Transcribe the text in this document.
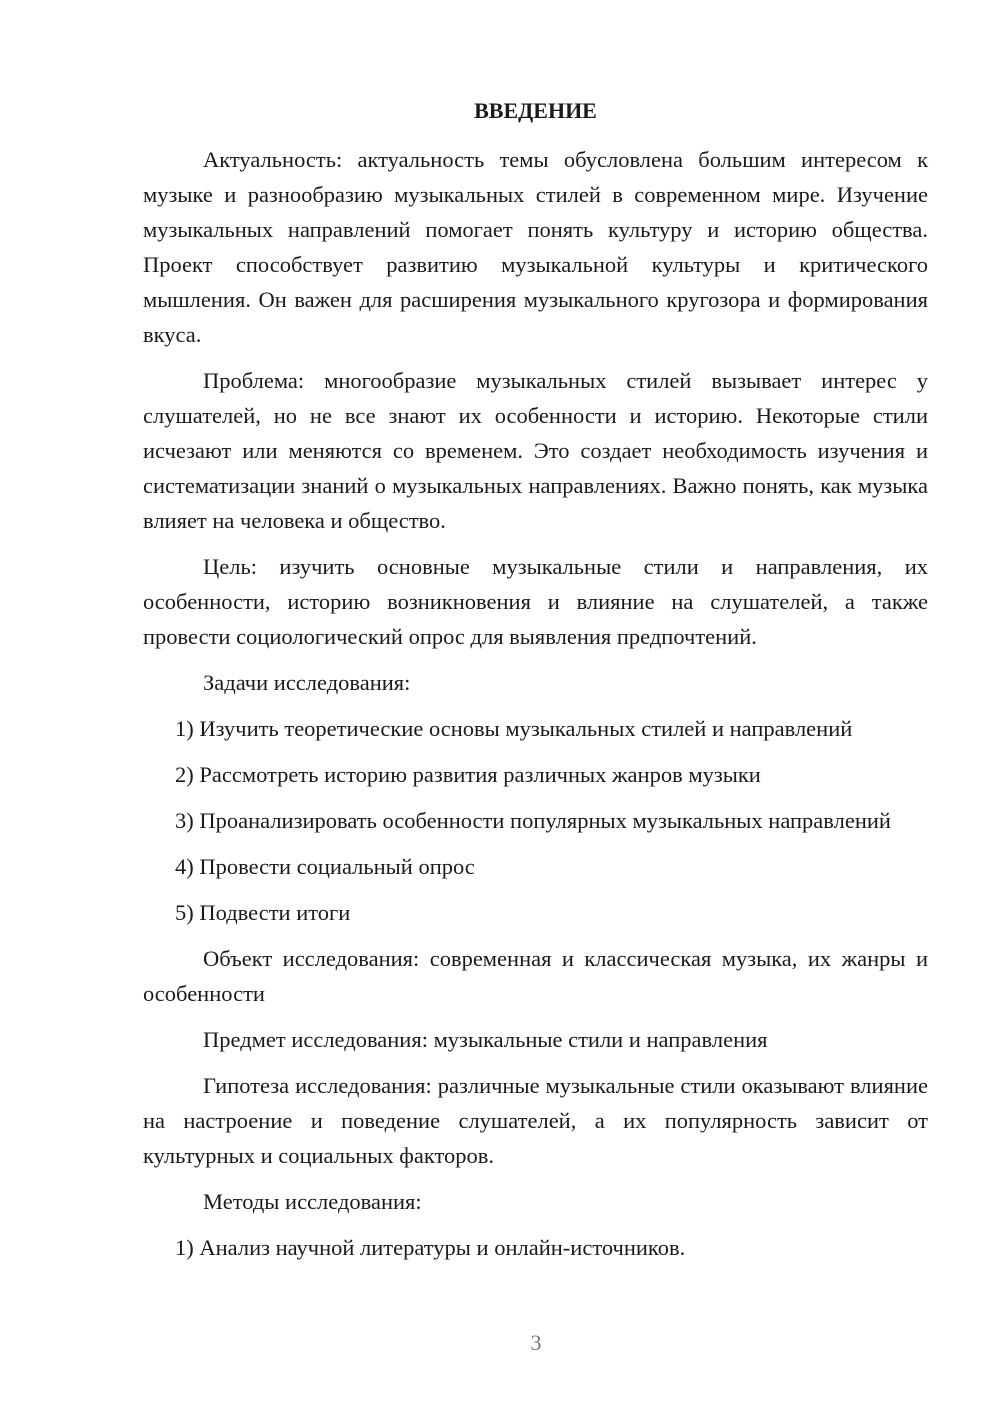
ВВЕДЕНИЕ

Актуальность: актуальность темы обусловлена большим интересом к музыке и разнообразию музыкальных стилей в современном мире. Изучение музыкальных направлений помогает понять культуру и историю общества. Проект способствует развитию музыкальной культуры и критического мышления. Он важен для расширения музыкального кругозора и формирования вкуса.

Проблема: многообразие музыкальных стилей вызывает интерес у слушателей, но не все знают их особенности и историю. Некоторые стили исчезают или меняются со временем. Это создает необходимость изучения и систематизации знаний о музыкальных направлениях. Важно понять, как музыка влияет на человека и общество.

Цель: изучить основные музыкальные стили и направления, их особенности, историю возникновения и влияние на слушателей, а также провести социологический опрос для выявления предпочтений.

Задачи исследования:

1) Изучить теоретические основы музыкальных стилей и направлений

2) Рассмотреть историю развития различных жанров музыки

3) Проанализировать особенности популярных музыкальных направлений

4) Провести социальный опрос

5) Подвести итоги

Объект исследования: современная и классическая музыка, их жанры и особенности

Предмет исследования: музыкальные стили и направления

Гипотеза исследования: различные музыкальные стили оказывают влияние на настроение и поведение слушателей, а их популярность зависит от культурных и социальных факторов.

Методы исследования:

1) Анализ научной литературы и онлайн-источников.

3
